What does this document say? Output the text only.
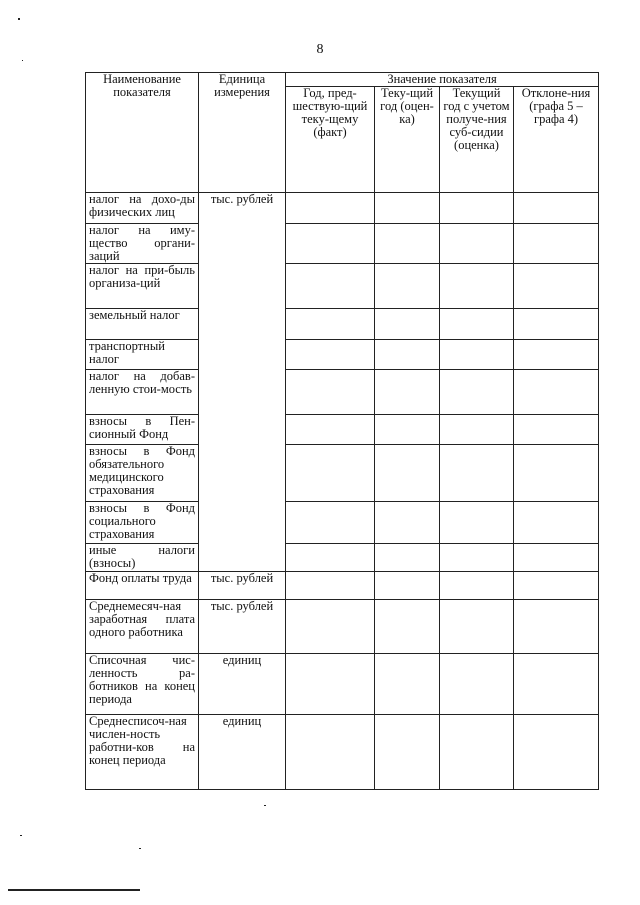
8
Наименование показателя	Единица измерения	Значение показателя			
		Год, пред-шествую-щий теку-щему (факт)	Теку-щий год (оцен-ка)	Текущий год с учетом получе-ния суб-сидии (оценка)	Отклоне-ния (графа 5 – графа 4)
налог на дохо-ды физических лиц	тыс. рублей				
налог на иму-щество органи-заций					
налог на при-быль организа-ций					
земельный налог					
транспортный налог					
налог на добав-ленную стои-мость					
взносы в Пен-сионный Фонд					
взносы в Фонд обязательного медицинского страхования					
взносы в Фонд социального страхования					
иные налоги (взносы)					
Фонд оплаты труда	тыс. рублей				
Среднемесяч-ная заработная плата одного работника	тыс. рублей				
Списочная чис-ленность ра-ботников на конец периода	единиц				
Среднесписоч-ная числен-ность работни-ков на конец периода	единиц				
